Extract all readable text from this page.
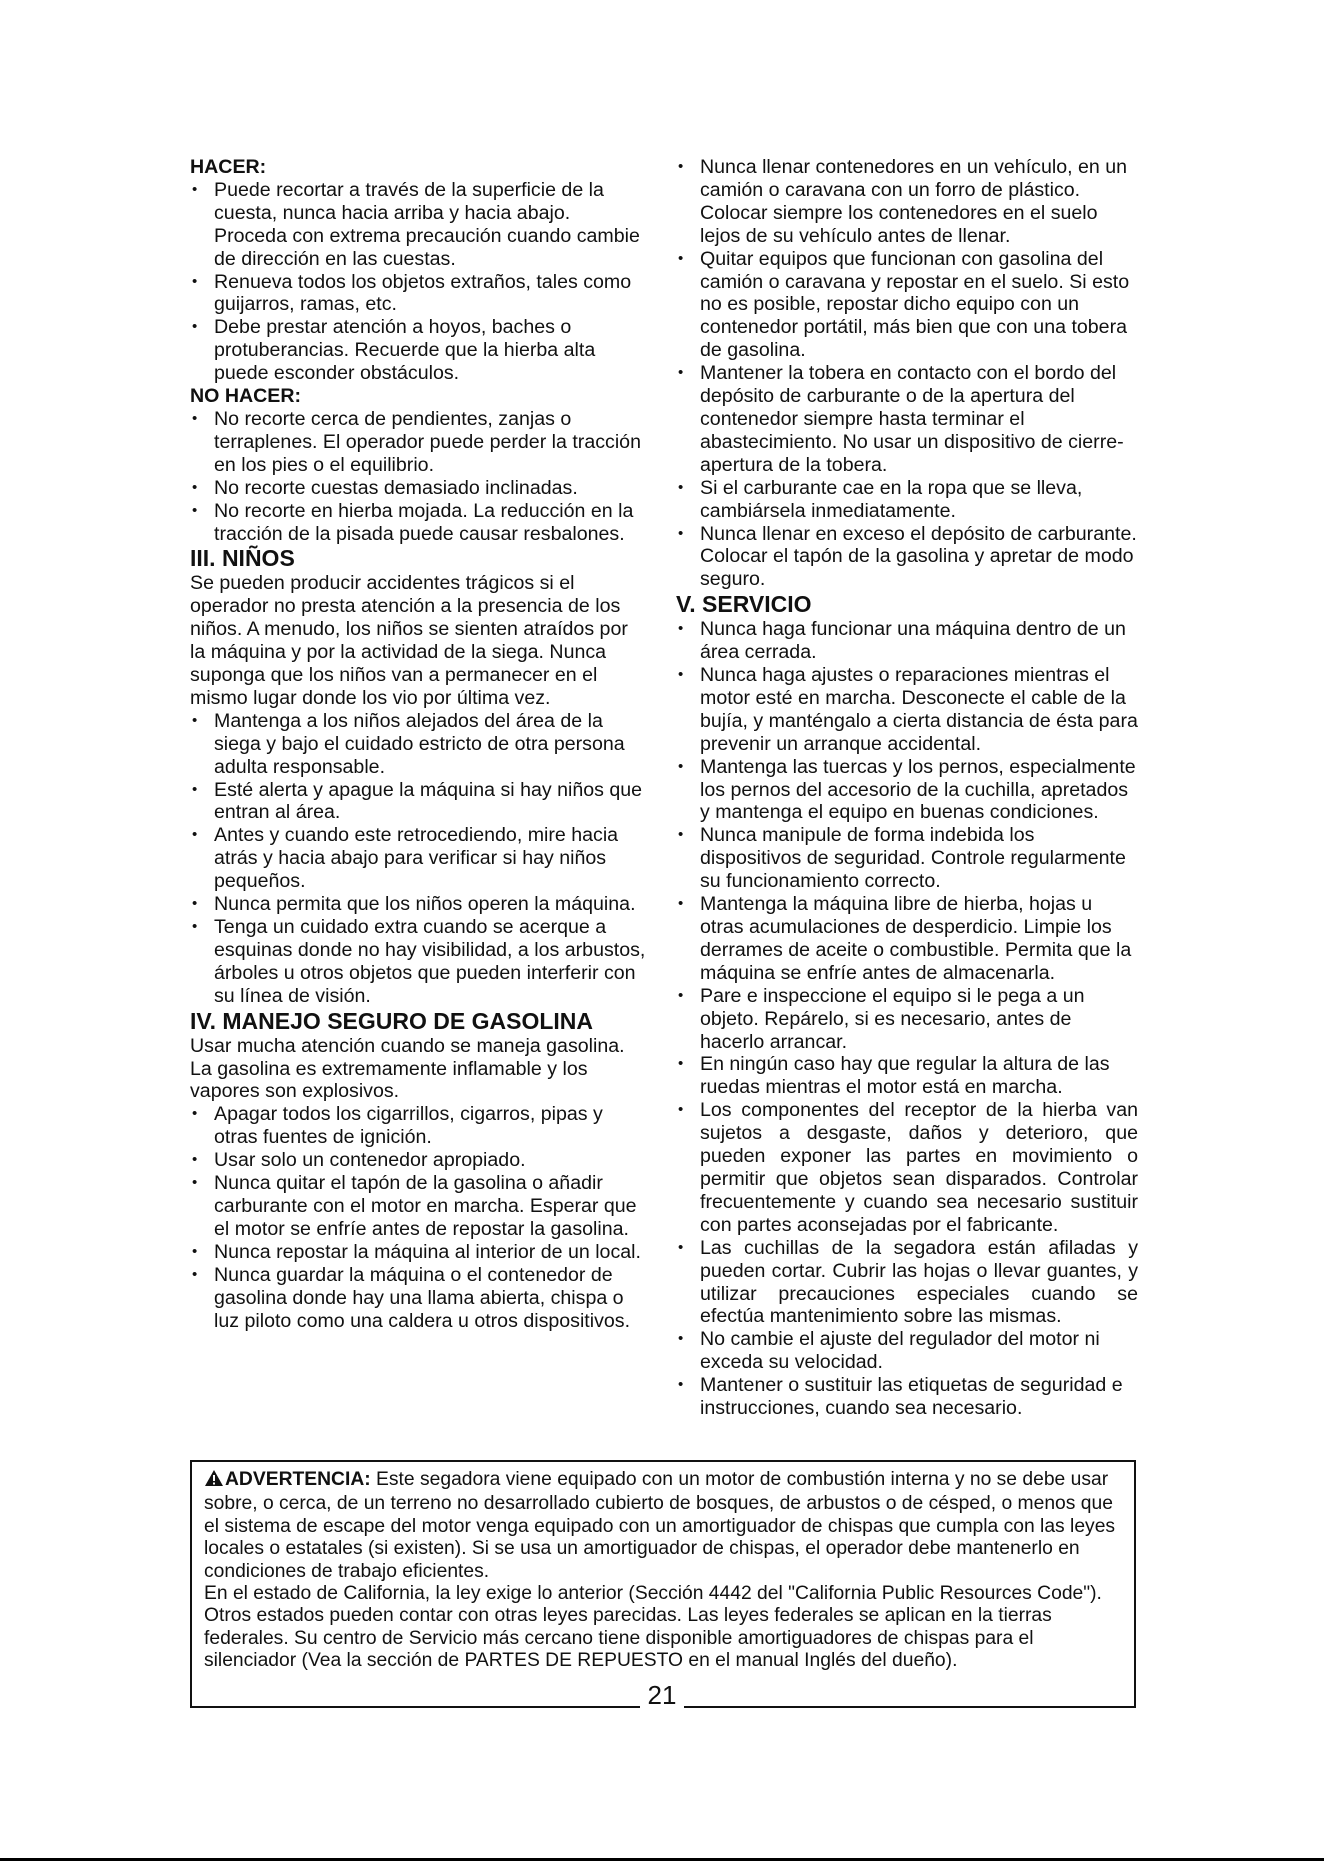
HACER:
• Puede recortar a través de la superficie de la cuesta, nunca hacia arriba y hacia abajo. Proceda con extrema precaución cuando cambie de dirección en las cuestas.
• Renueva todos los objetos extraños, tales como guijarros, ramas, etc.
• Debe prestar atención a hoyos, baches o protuberancias. Recuerde que la hierba alta puede esconder obstáculos.
NO HACER:
• No recorte cerca de pendientes, zanjas o terraplenes. El operador puede perder la tracción en los pies o el equilibrio.
• No recorte cuestas demasiado inclinadas.
• No recorte en hierba mojada. La reducción en la tracción de la pisada puede causar resbalones.
III. NIÑOS

Se pueden producir accidentes trágicos si el operador no presta atención a la presencia de los niños. A menudo, los niños se sienten atraídos por la máquina y por la actividad de la siega. Nunca suponga que los niños van a permanecer en el mismo lugar donde los vio por última vez.

• Mantenga a los niños alejados del área de la siega y bajo el cuidado estricto de otra persona adulta responsable.
• Esté alerta y apague la máquina si hay niños que entran al área.
• Antes y cuando este retrocediendo, mire hacia atrás y hacia abajo para verificar si hay niños pequeños.
• Nunca permita que los niños operen la máquina.
• Tenga un cuidado extra cuando se acerque a esquinas donde no hay visibilidad, a los arbustos, árboles u otros objetos que pueden interferir con su línea de visión.
IV. MANEJO SEGURO DE GASOLINA

Usar mucha atención cuando se maneja gasolina. La gasolina es extremamente inflamable y los vapores son explosivos.

• Apagar todos los cigarrillos, cigarros, pipas y otras fuentes de ignición.
• Usar solo un contenedor apropiado.
• Nunca quitar el tapón de la gasolina o añadir carburante con el motor en marcha. Esperar que el motor se enfríe antes de repostar la gasolina.
• Nunca repostar la máquina al interior de un local.
• Nunca guardar la máquina o el contenedor de gasolina donde hay una llama abierta, chispa o luz piloto como una caldera u otros dispositivos.
• Nunca llenar contenedores en un vehículo, en un camión o caravana con un forro de plástico. Colocar siempre los contenedores en el suelo lejos de su vehículo antes de llenar.
• Quitar equipos que funcionan con gasolina del camión o caravana y repostar en el suelo. Si esto no es posible, repostar dicho equipo con un contenedor portátil, más bien que con una tobera de gasolina.
• Mantener la tobera en contacto con el bordo del depósito de carburante o de la apertura del contenedor siempre hasta terminar el abastecimiento. No usar un dispositivo de cierre-apertura de la tobera.
• Si el carburante cae en la ropa que se lleva, cambiársela inmediatamente.
• Nunca llenar en exceso el depósito de carburante. Colocar el tapón de la gasolina y apretar de modo seguro.
V. SERVICIO
• Nunca haga funcionar una máquina dentro de un área cerrada.
• Nunca haga ajustes o reparaciones mientras el motor esté en marcha. Desconecte el cable de la bujía, y manténgalo a cierta distancia de ésta para prevenir un arranque accidental.
• Mantenga las tuercas y los pernos, especialmente los pernos del accesorio de la cuchilla, apretados y mantenga el equipo en buenas condiciones.
• Nunca manipule de forma indebida los dispositivos de seguridad. Controle regularmente su funcionamiento correcto.
• Mantenga la máquina libre de hierba, hojas u otras acumulaciones de desperdicio. Limpie los derrames de aceite o combustible. Permita que la máquina se enfríe antes de almacenarla.
• Pare e inspeccione el equipo si le pega a un objeto. Repárelo, si es necesario, antes de hacerlo arrancar.
• En ningún caso hay que regular la altura de las ruedas mientras el motor está en marcha.
• Los componentes del receptor de la hierba van sujetos a desgaste, daños y deterioro, que pueden exponer las partes en movimiento o permitir que objetos sean disparados. Controlar frecuentemente y cuando sea necesario sustituir con partes aconsejadas por el fabricante.
• Las cuchillas de la segadora están afiladas y pueden cortar. Cubrir las hojas o llevar guantes, y utilizar precauciones especiales cuando se efectúa mantenimiento sobre las mismas.
• No cambie el ajuste del regulador del motor ni exceda su velocidad.
• Mantener o sustituir las etiquetas de seguridad e instrucciones, cuando sea necesario.

ADVERTENCIA: Este segadora viene equipado con un motor de combustión interna y no se debe usar sobre, o cerca, de un terreno no desarrollado cubierto de bosques, de arbustos o de césped, o menos que el sistema de escape del motor venga equipado con un amortiguador de chispas que cumpla con las leyes locales o estatales (si existen). Si se usa un amortiguador de chispas, el operador debe mantenerlo en condiciones de trabajo eficientes.

En el estado de California, la ley exige lo anterior (Sección 4442 del "California Public Resources Code"). Otros estados pueden contar con otras leyes parecidas. Las leyes federales se aplican en la tierras federales. Su centro de Servicio más cercano tiene disponible amortiguadores de chispas para el silenciador (Vea la sección de PARTES DE REPUESTO en el manual Inglés del dueño).

21
